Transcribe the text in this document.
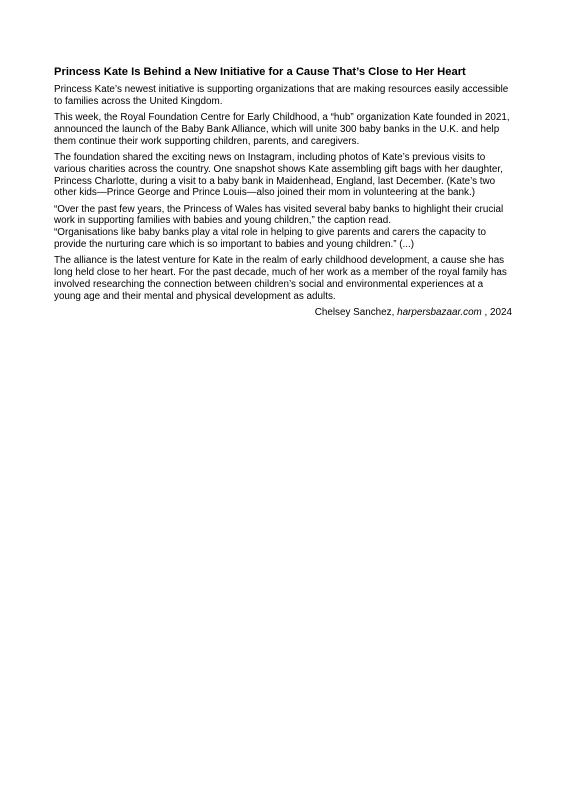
Princess Kate Is Behind a New Initiative for a Cause That’s Close to Her Heart

Princess Kate’s newest initiative is supporting organizations that are making resources easily accessible to families across the United Kingdom.

This week, the Royal Foundation Centre for Early Childhood, a “hub” organization Kate founded in 2021, announced the launch of the Baby Bank Alliance, which will unite 300 baby banks in the U.K. and help them continue their work supporting children, parents, and caregivers.

The foundation shared the exciting news on Instagram, including photos of Kate’s previous visits to various charities across the country. One snapshot shows Kate assembling gift bags with her daughter, Princess Charlotte, during a visit to a baby bank in Maidenhead, England, last December. (Kate’s two other kids—Prince George and Prince Louis—also joined their mom in volunteering at the bank.)

“Over the past few years, the Princess of Wales has visited several baby banks to highlight their crucial work in supporting families with babies and young children,” the caption read.
“Organisations like baby banks play a vital role in helping to give parents and carers the capacity to provide the nurturing care which is so important to babies and young children.” (...)

The alliance is the latest venture for Kate in the realm of early childhood development, a cause she has long held close to her heart. For the past decade, much of her work as a member of the royal family has involved researching the connection between children’s social and environmental experiences at a young age and their mental and physical development as adults.

Chelsey Sanchez, harpersbazaar.com , 2024
